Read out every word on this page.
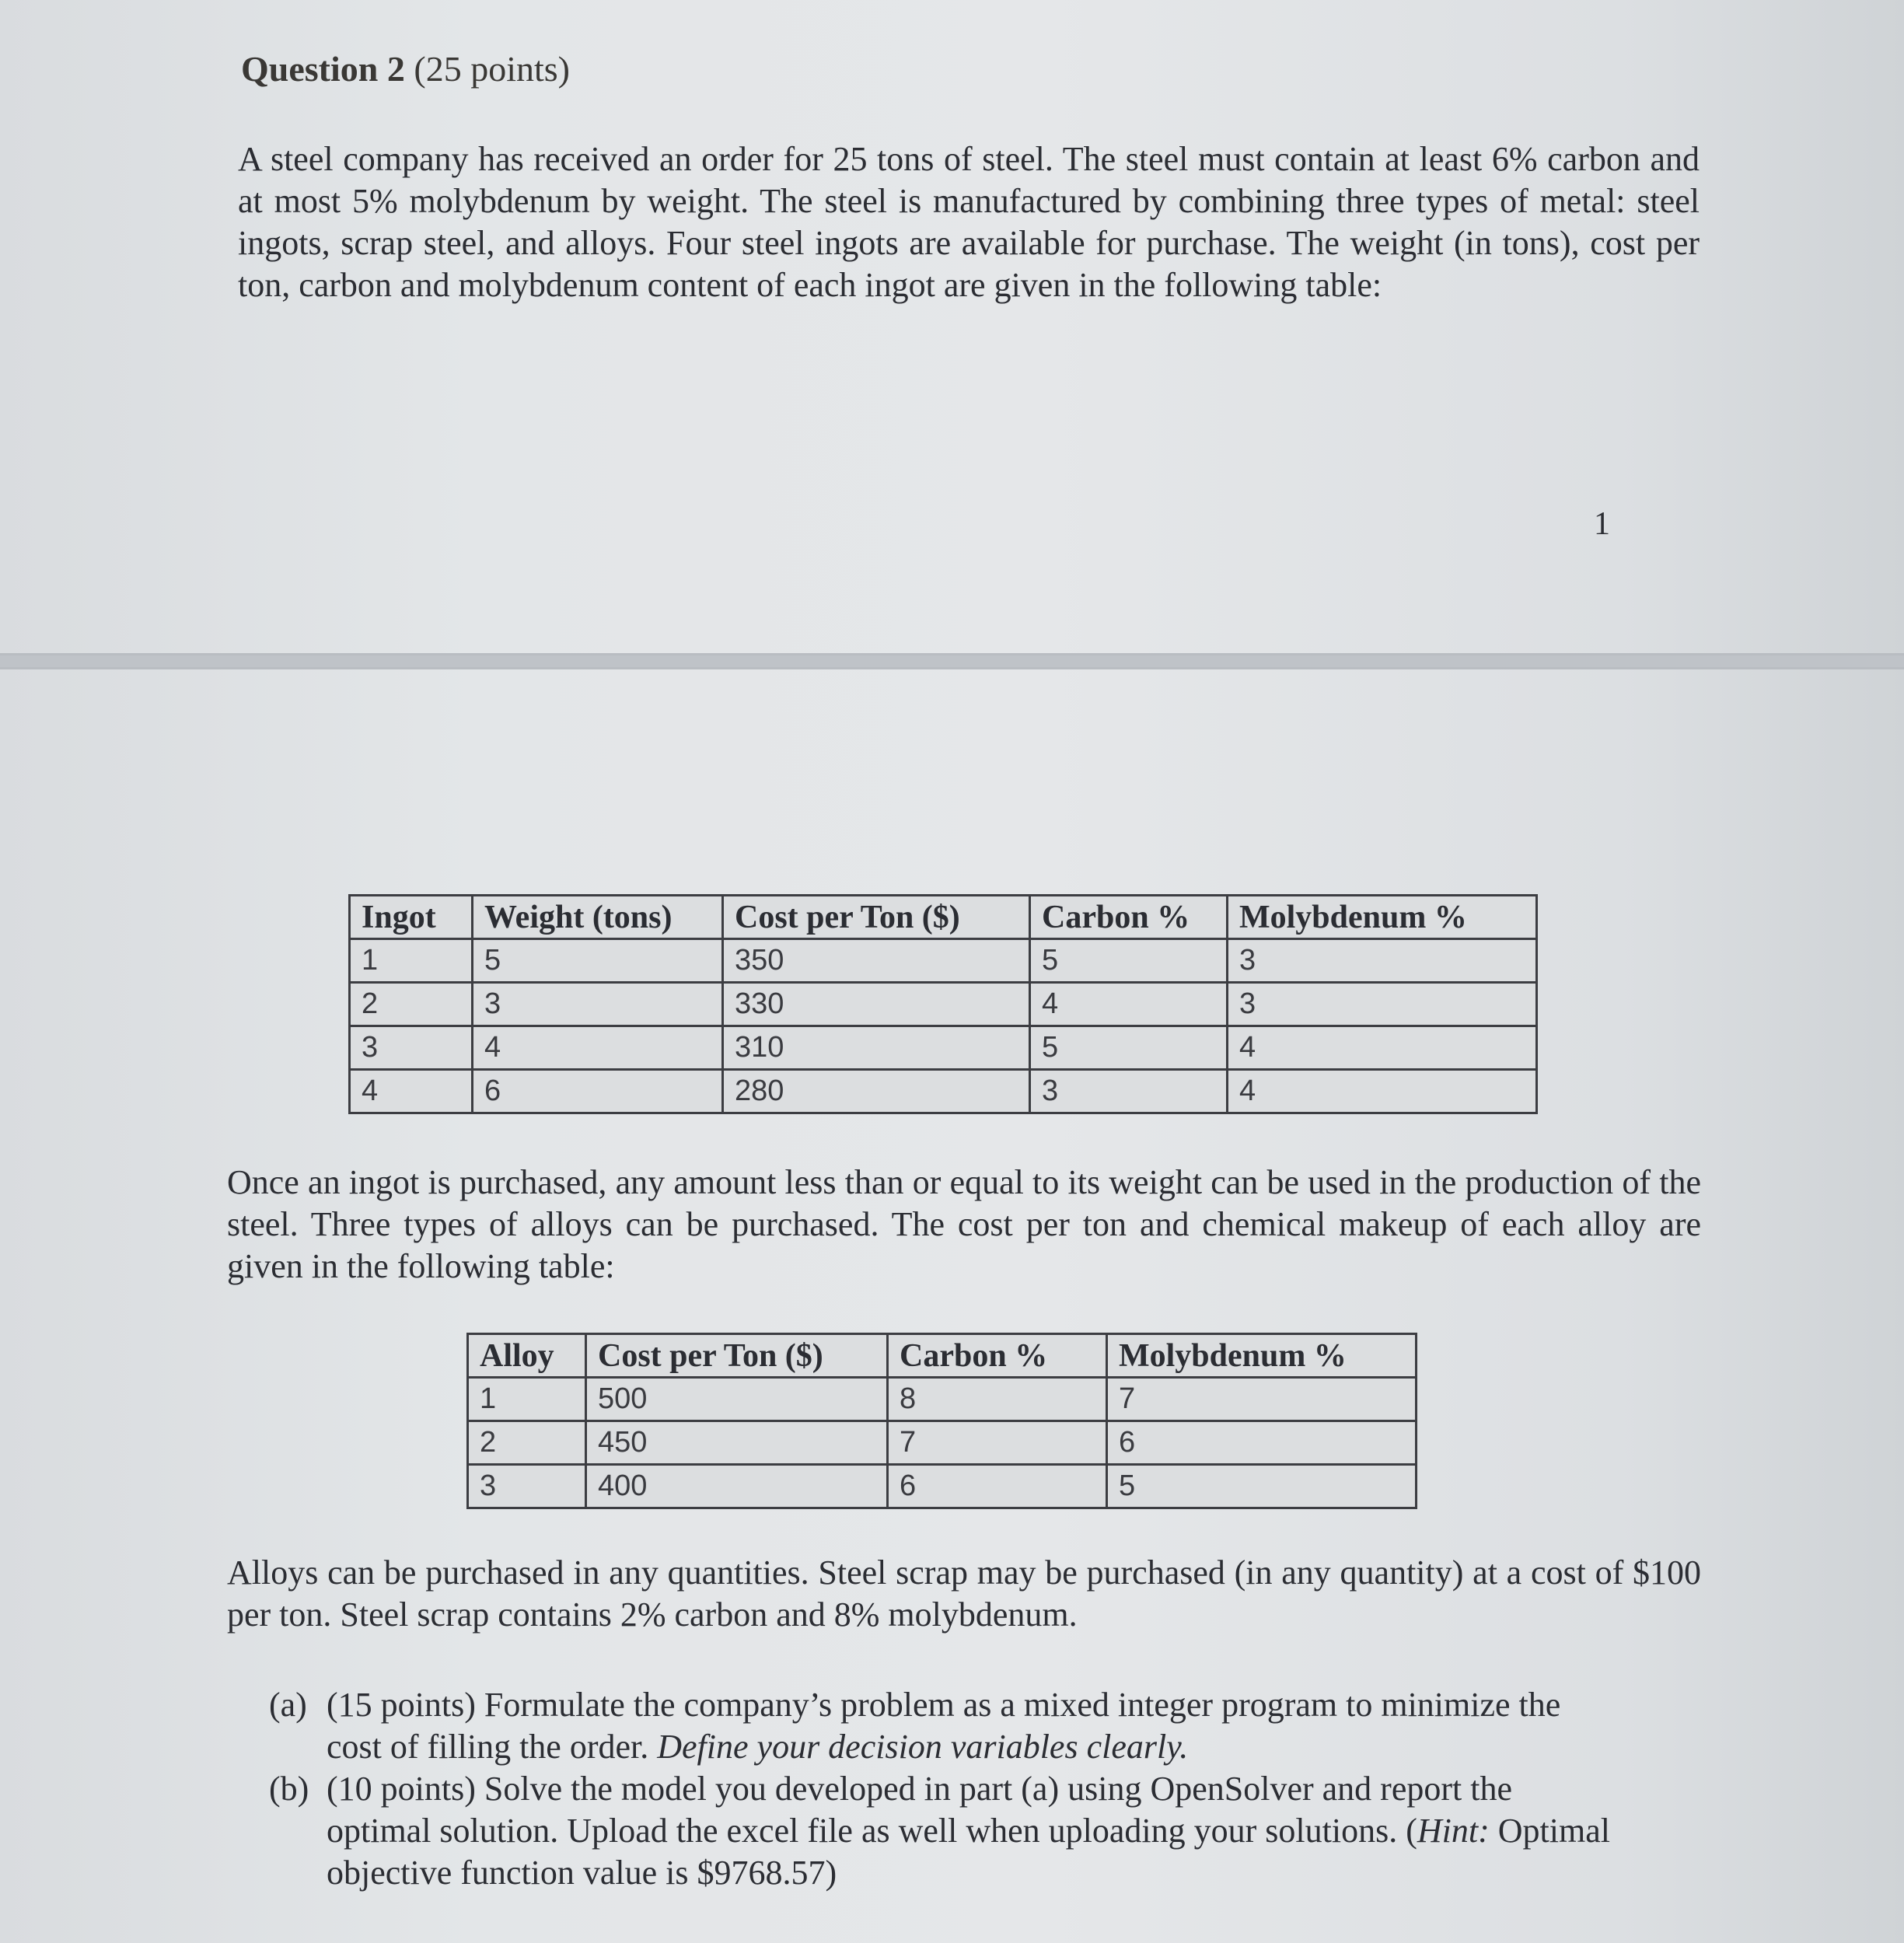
Question 2 (25 points)

A steel company has received an order for 25 tons of steel. The steel must contain at least 6% carbon and at most 5% molybdenum by weight. The steel is manufactured by combining three types of metal: steel ingots, scrap steel, and alloys. Four steel ingots are available for purchase. The weight (in tons), cost per ton, carbon and molybdenum content of each ingot are given in the following table:

1
Ingot	Weight (tons)	Cost per Ton ($)	Carbon %	Molybdenum %
1	5	350	5	3
2	3	330	4	3
3	4	310	5	4
4	6	280	3	4

Once an ingot is purchased, any amount less than or equal to its weight can be used in the production of the steel. Three types of alloys can be purchased. The cost per ton and chemical makeup of each alloy are given in the following table:

Alloy	Cost per Ton ($)	Carbon %	Molybdenum %
1	500	8	7
2	450	7	6
3	400	6	5

Alloys can be purchased in any quantities. Steel scrap may be purchased (in any quantity) at a cost of $100 per ton. Steel scrap contains 2% carbon and 8% molybdenum.

(a) (15 points) Formulate the company’s problem as a mixed integer program to minimize the cost of filling the order. Define your decision variables clearly.
(b) (10 points) Solve the model you developed in part (a) using OpenSolver and report the optimal solution. Upload the excel file as well when uploading your solutions. (Hint: Optimal objective function value is $9768.57)
